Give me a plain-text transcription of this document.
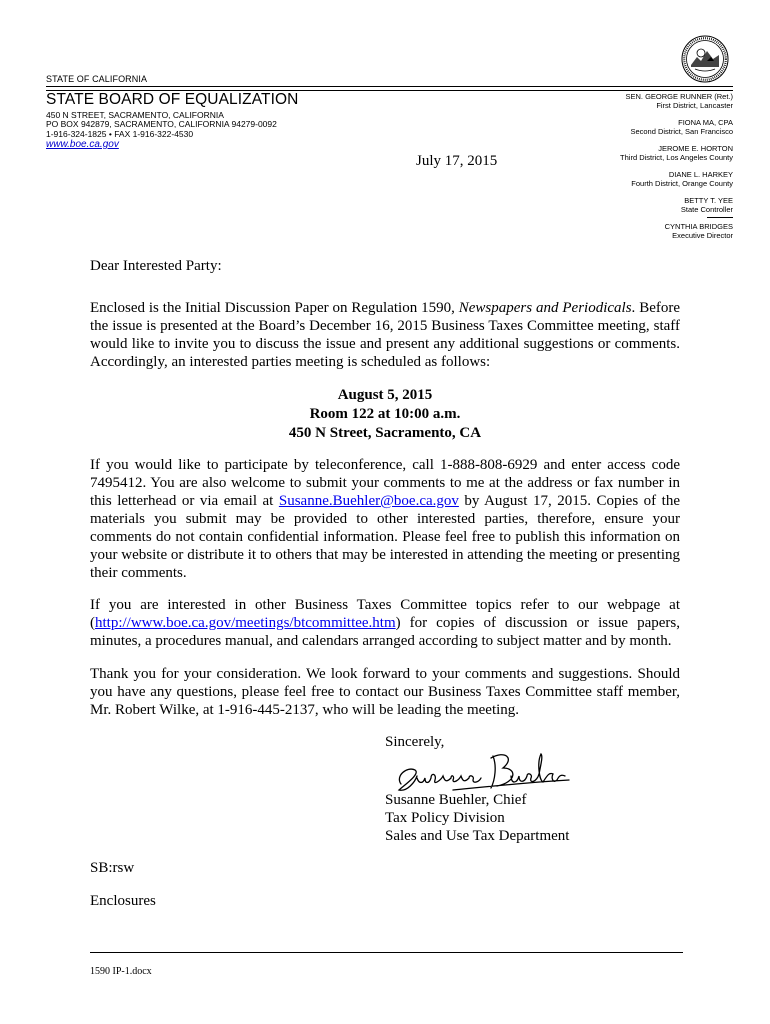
STATE OF CALIFORNIA
STATE BOARD OF EQUALIZATION
450 N STREET, SACRAMENTO, CALIFORNIA
PO BOX 942879, SACRAMENTO, CALIFORNIA 94279-0092
1-916-324-1825 • FAX 1-916-322-4530
www.boe.ca.gov
SEN. GEORGE RUNNER (Ret.)
First District, Lancaster
FIONA MA, CPA
Second District, San Francisco
JEROME E. HORTON
Third District, Los Angeles County
DIANE L. HARKEY
Fourth District, Orange County
BETTY T. YEE
State Controller
CYNTHIA BRIDGES
Executive Director
July 17, 2015
Dear Interested Party:
Enclosed is the Initial Discussion Paper on Regulation 1590, Newspapers and Periodicals. Before the issue is presented at the Board’s December 16, 2015 Business Taxes Committee meeting, staff would like to invite you to discuss the issue and present any additional suggestions or comments. Accordingly, an interested parties meeting is scheduled as follows:
August 5, 2015
Room 122 at 10:00 a.m.
450 N Street, Sacramento, CA
If you would like to participate by teleconference, call 1-888-808-6929 and enter access code 7495412. You are also welcome to submit your comments to me at the address or fax number in this letterhead or via email at Susanne.Buehler@boe.ca.gov by August 17, 2015. Copies of the materials you submit may be provided to other interested parties, therefore, ensure your comments do not contain confidential information. Please feel free to publish this information on your website or distribute it to others that may be interested in attending the meeting or presenting their comments.
If you are interested in other Business Taxes Committee topics refer to our webpage at (http://www.boe.ca.gov/meetings/btcommittee.htm) for copies of discussion or issue papers, minutes, a procedures manual, and calendars arranged according to subject matter and by month.
Thank you for your consideration. We look forward to your comments and suggestions. Should you have any questions, please feel free to contact our Business Taxes Committee staff member, Mr. Robert Wilke, at 1-916-445-2137, who will be leading the meeting.
Sincerely,
Susanne Buehler, Chief
Tax Policy Division
Sales and Use Tax Department
SB:rsw
Enclosures
1590 IP-1.docx
